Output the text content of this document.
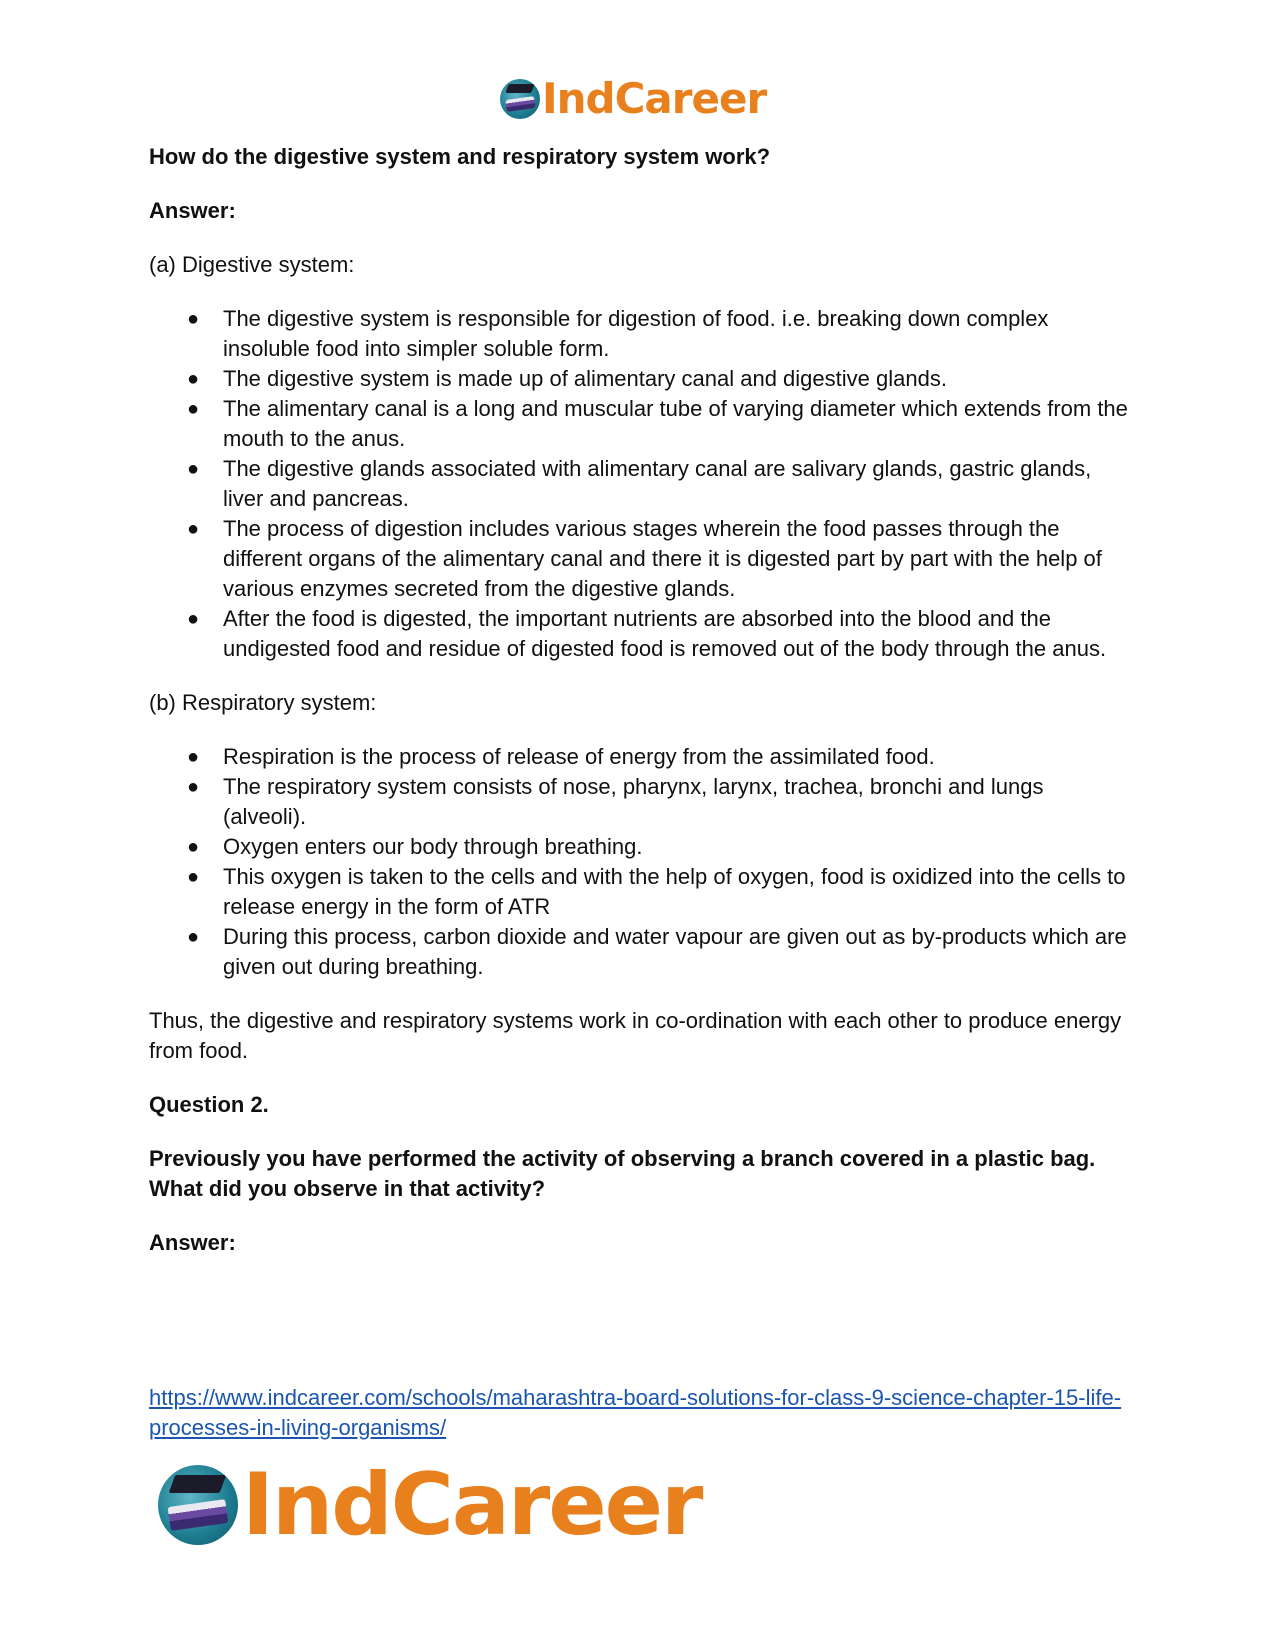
IndCareer

How do the digestive system and respiratory system work?

Answer:

(a) Digestive system:

● The digestive system is responsible for digestion of food. i.e. breaking down complex insoluble food into simpler soluble form.
● The digestive system is made up of alimentary canal and digestive glands.
● The alimentary canal is a long and muscular tube of varying diameter which extends from the mouth to the anus.
● The digestive glands associated with alimentary canal are salivary glands, gastric glands, liver and pancreas.
● The process of digestion includes various stages wherein the food passes through the different organs of the alimentary canal and there it is digested part by part with the help of various enzymes secreted from the digestive glands.
● After the food is digested, the important nutrients are absorbed into the blood and the undigested food and residue of digested food is removed out of the body through the anus.

(b) Respiratory system:

● Respiration is the process of release of energy from the assimilated food.
● The respiratory system consists of nose, pharynx, larynx, trachea, bronchi and lungs (alveoli).
● Oxygen enters our body through breathing.
● This oxygen is taken to the cells and with the help of oxygen, food is oxidized into the cells to release energy in the form of ATR
● During this process, carbon dioxide and water vapour are given out as by-products which are given out during breathing.

Thus, the digestive and respiratory systems work in co-ordination with each other to produce energy from food.

Question 2.

Previously you have performed the activity of observing a branch covered in a plastic bag. What did you observe in that activity?

Answer:

https://www.indcareer.com/schools/maharashtra-board-solutions-for-class-9-science-chapter-15-life-processes-in-living-organisms/
IndCareer
